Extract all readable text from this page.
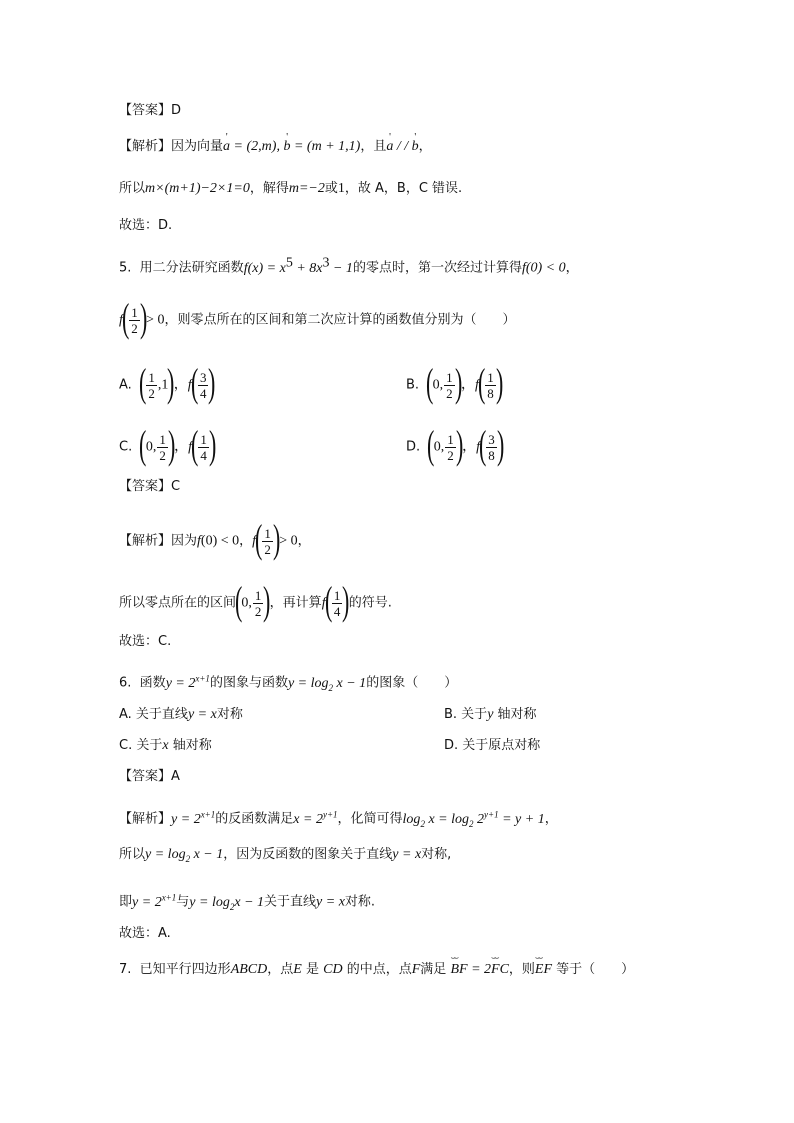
【答案】D
【解析】因为向量' a = (2,m), ' b = (m + 1,1)，且' a / / ' b，
所以m×(m+1)−2×1=0，解得m=−2或1，故 A，B，C 错误.
故选：D.
5. 用二分法研究函数$f(x) = x^5 + 8x^3 - 1$的零点时，第一次经过计算得f(0) < 0，
$f( \frac{1}{2}$ )> 0，则零点所在的区间和第二次应计算的函数值分别为（　　）
A. ( $\frac{1}{2} ,1$)，$f( \frac{3}{4}$ )	B. (0, $\frac{1}{2}$ )，$f( \frac{1}{8}$ )
C. (0, $\frac{1}{2}$ )，$f( \frac{1}{4}$ )	D. (0, $\frac{1}{2}$ )，$f( \frac{3}{8}$ )
【答案】C
【解析】因为f(0) < 0，$f( \frac{1}{2}$ )> 0，
所以零点所在的区间(0, $\frac{1}{2}$ )，再计算$f( \frac{1}{4}$ )的符号.
故选：C.
6. 函数$y = 2^{x+1}$的图象与函数$y = \log_2 x - 1$的图象（　　）
A. 关于直线y = x对称	B. 关于y 轴对称
C. 关于x 轴对称	D. 关于原点对称
【答案】A
【解析】$y = 2^{x+1}$的反函数满足$x = 2^{y+1}$，化简可得$\log_2 x = \log_2 2^{y+1} = y + 1$，
所以$y = \log_2 x - 1$，因为反函数的图象关于直线y = x对称,
即$y = 2^{x+1}$与$y = \log_2x - 1$关于直线y = x对称.
故选：A.
7. 已知平行四边形ABCD，点E 是 CD 的中点，点F满足 ⌣⌣ BF = 2⌣⌣ FC，则⌣⌣ EF 等于（　　）
